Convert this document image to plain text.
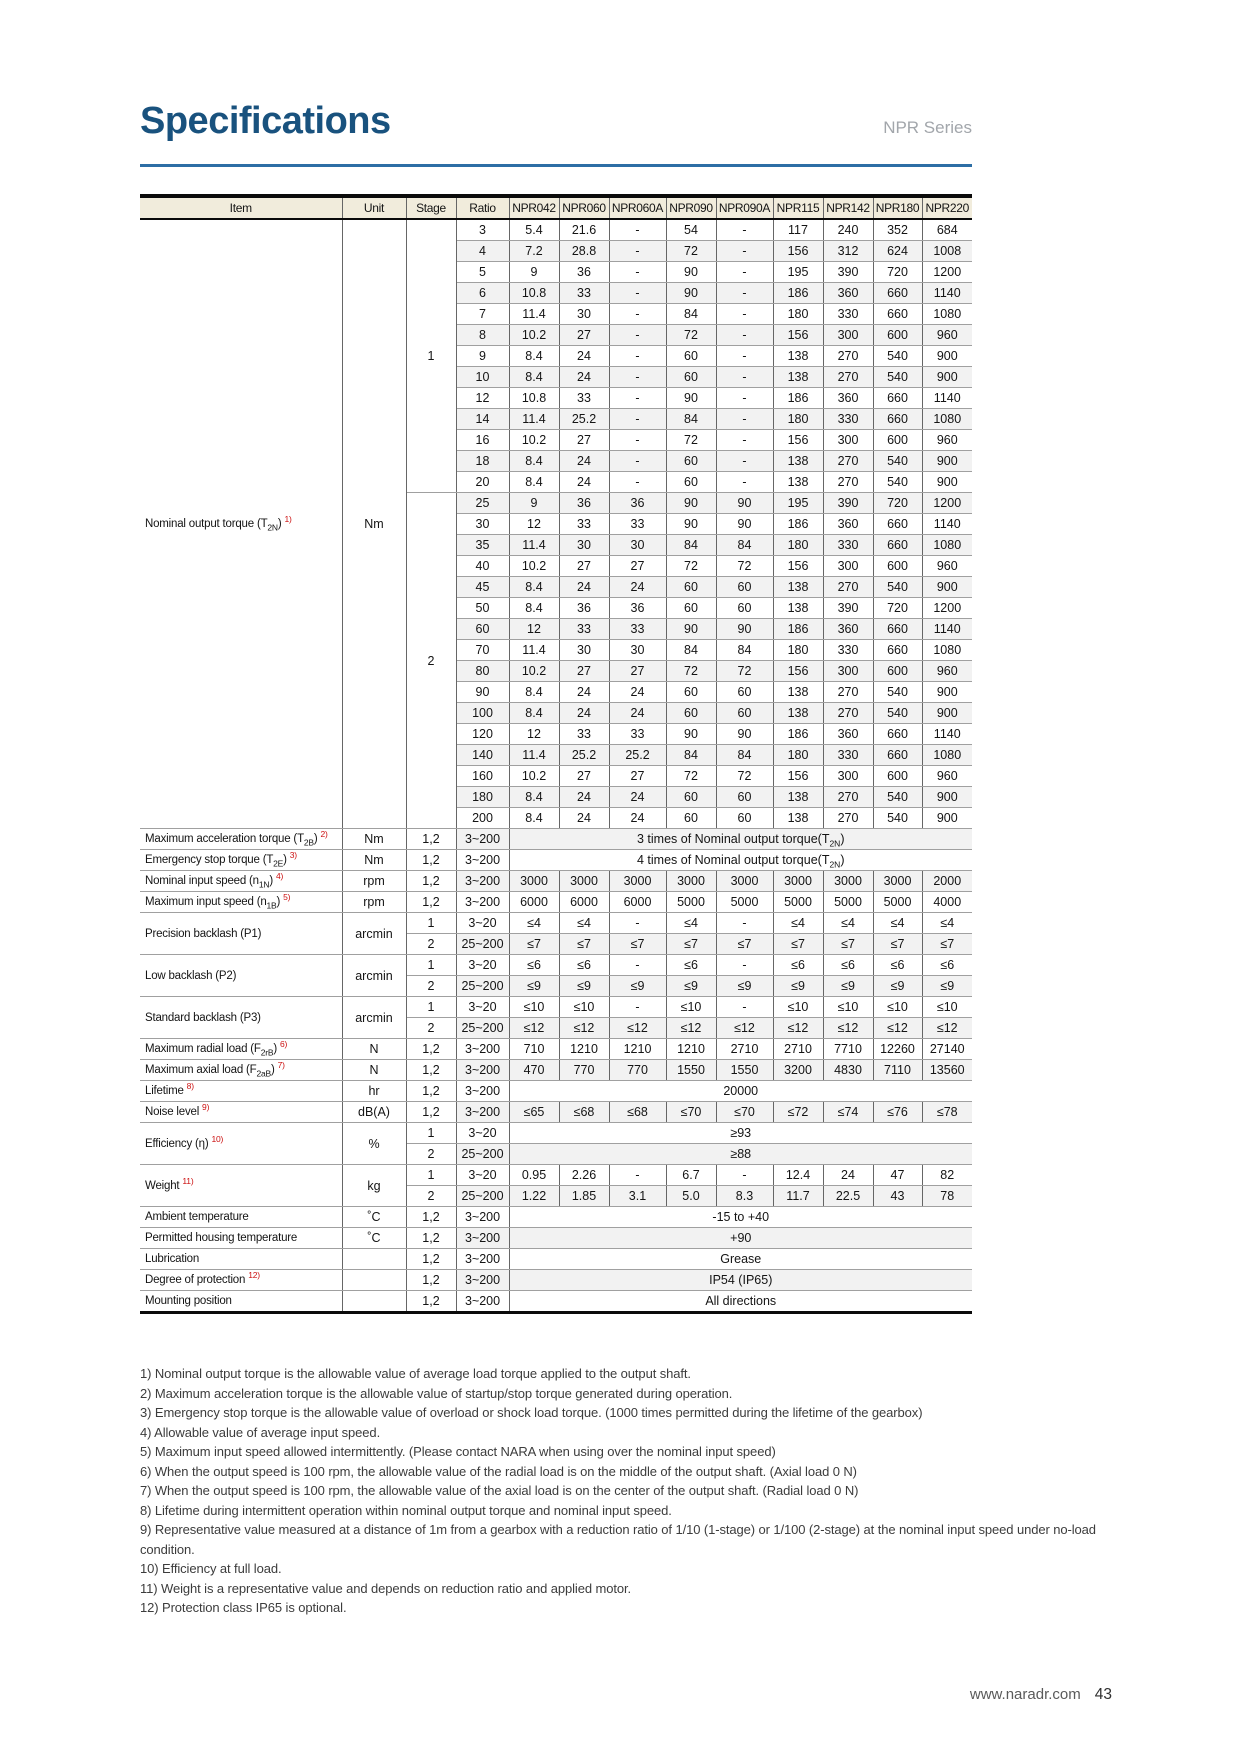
Specifications	NPR Series
Item	Unit	Stage	Ratio	NPR042	NPR060	NPR060A	NPR090	NPR090A	NPR115	NPR142	NPR180	NPR220
Nominal output torque $(T_{2N})$ $^{1)}$	Nm	1	3	5.4	21.6	-	54	-	117	240	352	684
			4	7.2	28.8	-	72	-	156	312	624	1008
			5	9	36	-	90	-	195	390	720	1200
			6	10.8	33	-	90	-	186	360	660	1140
			7	11.4	30	-	84	-	180	330	660	1080
			8	10.2	27	-	72	-	156	300	600	960
			9	8.4	24	-	60	-	138	270	540	900
			10	8.4	24	-	60	-	138	270	540	900
			12	10.8	33	-	90	-	186	360	660	1140
			14	11.4	25.2	-	84	-	180	330	660	1080
			16	10.2	27	-	72	-	156	300	600	960
			18	8.4	24	-	60	-	138	270	540	900
			20	8.4	24	-	60	-	138	270	540	900
		2	25	9	36	36	90	90	195	390	720	1200
			30	12	33	33	90	90	186	360	660	1140
			35	11.4	30	30	84	84	180	330	660	1080
			40	10.2	27	27	72	72	156	300	600	960
			45	8.4	24	24	60	60	138	270	540	900
			50	8.4	36	36	60	60	138	390	720	1200
			60	12	33	33	90	90	186	360	660	1140
			70	11.4	30	30	84	84	180	330	660	1080
			80	10.2	27	27	72	72	156	300	600	960
			90	8.4	24	24	60	60	138	270	540	900
			100	8.4	24	24	60	60	138	270	540	900
			120	12	33	33	90	90	186	360	660	1140
			140	11.4	25.2	25.2	84	84	180	330	660	1080
			160	10.2	27	27	72	72	156	300	600	960
			180	8.4	24	24	60	60	138	270	540	900
			200	8.4	24	24	60	60	138	270	540	900
Maximum acceleration torque $(T_{2B})$ $^{2)}$	Nm	1,2	3~200	3 times of Nominal output $torque(T_{2N})$								
Emergency stop torque $(T_{2E})$ $^{3)}$	Nm	1,2	3~200	4 times of Nominal output $torque(T_{2N})$								
Nominal input speed $(n_{1N})$ $^{4)}$	rpm	1,2	3~200	3000	3000	3000	3000	3000	3000	3000	3000	2000
Maximum input speed $(n_{1B})$ $^{5)}$	rpm	1,2	3~200	6000	6000	6000	5000	5000	5000	5000	5000	4000
Precision backlash (P1)	arcmin	1	3~20	≤4	≤4	-	≤4	-	≤4	≤4	≤4	≤4
		2	25~200	≤7	≤7	≤7	≤7	≤7	≤7	≤7	≤7	≤7
Low backlash (P2)	arcmin	1	3~20	≤6	≤6	-	≤6	-	≤6	≤6	≤6	≤6
		2	25~200	≤9	≤9	≤9	≤9	≤9	≤9	≤9	≤9	≤9
Standard backlash (P3)	arcmin	1	3~20	≤10	≤10	-	≤10	-	≤10	≤10	≤10	≤10
		2	25~200	≤12	≤12	≤12	≤12	≤12	≤12	≤12	≤12	≤12
Maximum radial load $(F_{2rB})$ $^{6)}$	N	1,2	3~200	710	1210	1210	1210	2710	2710	7710	12260	27140
Maximum axial load $(F_{2aB})$ $^{7)}$	N	1,2	3~200	470	770	770	1550	1550	3200	4830	7110	13560
Lifetime $^{8)}$	hr	1,2	3~200	20000								
Noise level $^{9)}$	dB(A)	1,2	3~200	≤65	≤68	≤68	≤70	≤70	≤72	≤74	≤76	≤78
Efficiency (η) $^{10)}$	%	1	3~20	≥93								
		2	25~200	≥88								
Weight $^{11)}$	kg	1	3~20	0.95	2.26	-	6.7	-	12.4	24	47	82
		2	25~200	1.22	1.85	3.1	5.0	8.3	11.7	22.5	43	78
Ambient temperature	˚C	1,2	3~200	-15 to +40								
Permitted housing temperature	˚C	1,2	3~200	+90								
Lubrication		1,2	3~200	Grease								
Degree of protection $^{12)}$		1,2	3~200	IP54 (IP65)								
Mounting position		1,2	3~200	All directions								
1) Nominal output torque is the allowable value of average load torque applied to the output shaft.
2) Maximum acceleration torque is the allowable value of startup/stop torque generated during operation.
3) Emergency stop torque is the allowable value of overload or shock load torque. (1000 times permitted during the lifetime of the gearbox)
4) Allowable value of average input speed.
5) Maximum input speed allowed intermittently. (Please contact NARA when using over the nominal input speed)
6) When the output speed is 100 rpm, the allowable value of the radial load is on the middle of the output shaft. (Axial load 0 N)
7) When the output speed is 100 rpm, the allowable value of the axial load is on the center of the output shaft. (Radial load 0 N)
8) Lifetime during intermittent operation within nominal output torque and nominal input speed.
9) Representative value measured at a distance of 1m from a gearbox with a reduction ratio of 1/10 (1-stage) or 1/100 (2-stage) at the nominal input speed under no-load condition.
10) Efficiency at full load.
11) Weight is a representative value and depends on reduction ratio and applied motor.
12) Protection class IP65 is optional.
www.naradr.com 43
